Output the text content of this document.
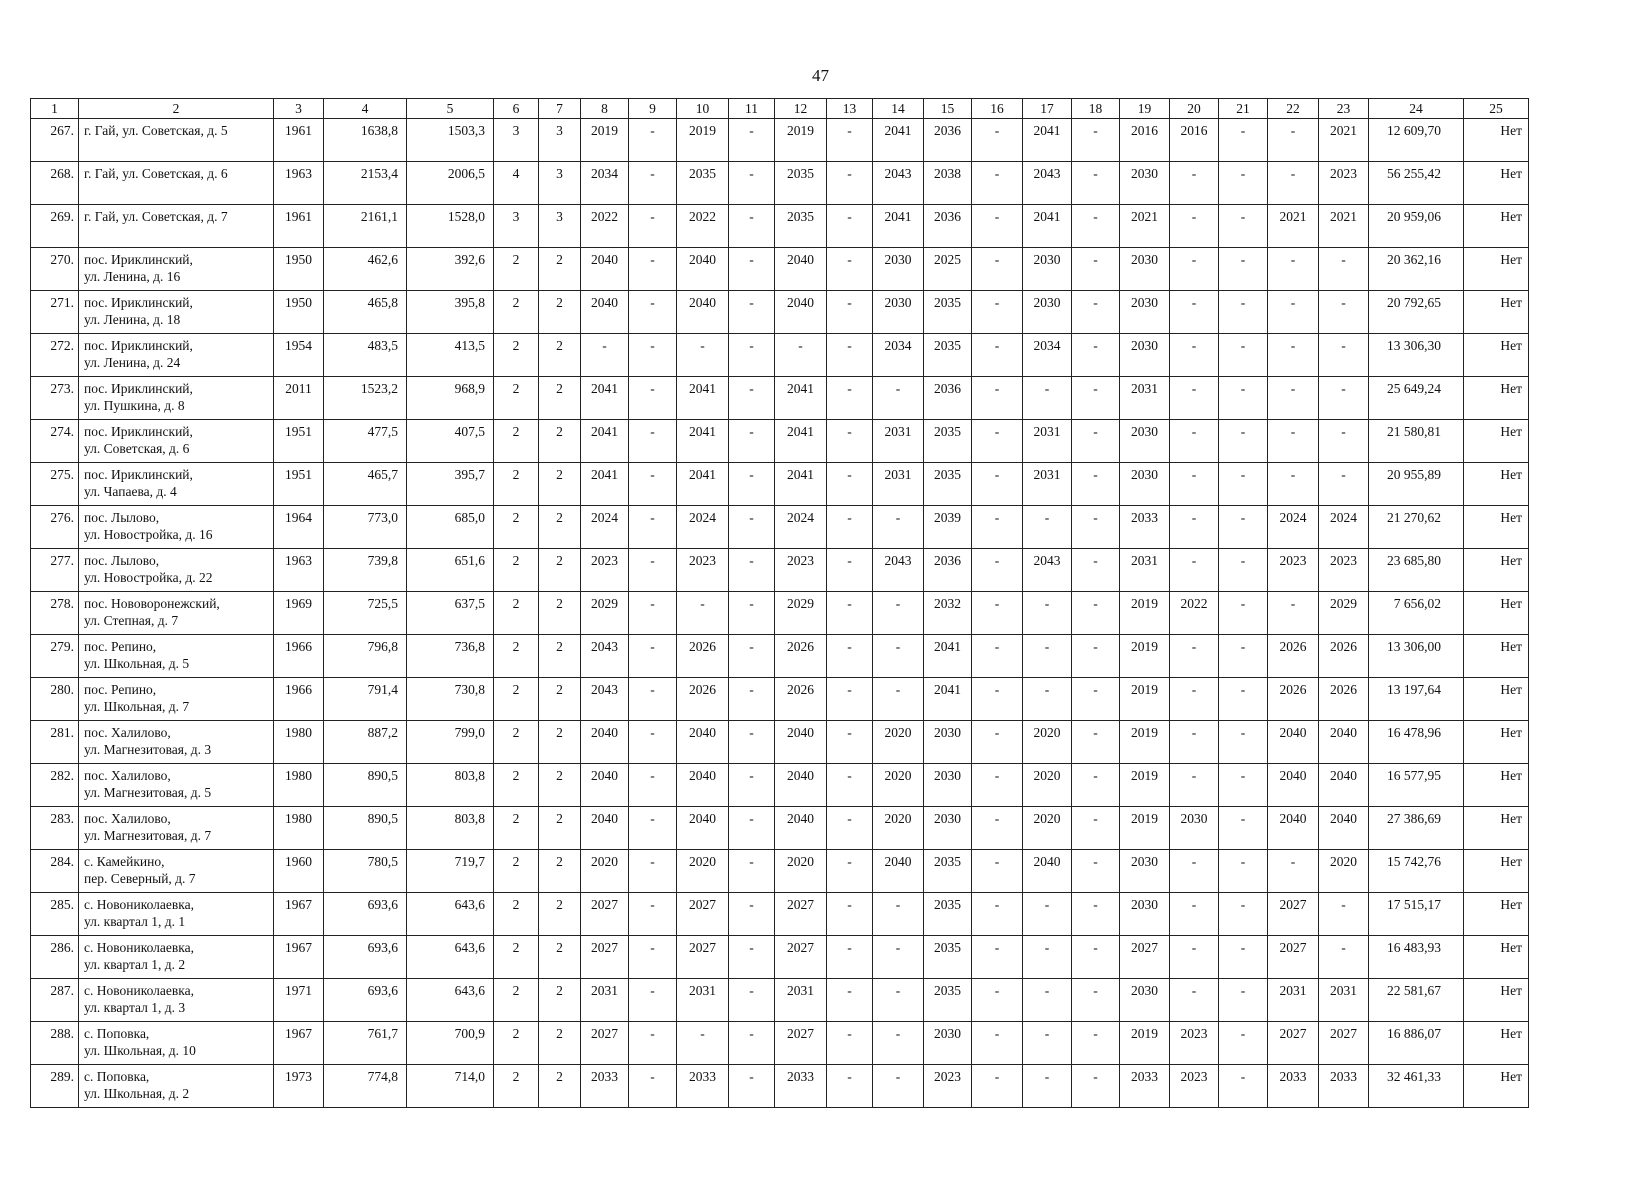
47
1	2	3	4	5	6	7	8	9	10	11	12	13	14	15	16	17	18	19	20	21	22	23	24	25
267.	г. Гай, ул. Советская, д. 5	1961	1638,8	1503,3	3	3	2019	-	2019	-	2019	-	2041	2036	-	2041	-	2016	2016	-	-	2021	12 609,70	Нет
268.	г. Гай, ул. Советская, д. 6	1963	2153,4	2006,5	4	3	2034	-	2035	-	2035	-	2043	2038	-	2043	-	2030	-	-	-	2023	56 255,42	Нет
269.	г. Гай, ул. Советская, д. 7	1961	2161,1	1528,0	3	3	2022	-	2022	-	2035	-	2041	2036	-	2041	-	2021	-	-	2021	2021	20 959,06	Нет
270.	пос. Ириклинский,
ул. Ленина, д. 16	1950	462,6	392,6	2	2	2040	-	2040	-	2040	-	2030	2025	-	2030	-	2030	-	-	-	-	20 362,16	Нет
271.	пос. Ириклинский,
ул. Ленина, д. 18	1950	465,8	395,8	2	2	2040	-	2040	-	2040	-	2030	2035	-	2030	-	2030	-	-	-	-	20 792,65	Нет
272.	пос. Ириклинский,
ул. Ленина, д. 24	1954	483,5	413,5	2	2	-	-	-	-	-	-	2034	2035	-	2034	-	2030	-	-	-	-	13 306,30	Нет
273.	пос. Ириклинский,
ул. Пушкина, д. 8	2011	1523,2	968,9	2	2	2041	-	2041	-	2041	-	-	2036	-	-	-	2031	-	-	-	-	25 649,24	Нет
274.	пос. Ириклинский,
ул. Советская, д. 6	1951	477,5	407,5	2	2	2041	-	2041	-	2041	-	2031	2035	-	2031	-	2030	-	-	-	-	21 580,81	Нет
275.	пос. Ириклинский,
ул. Чапаева, д. 4	1951	465,7	395,7	2	2	2041	-	2041	-	2041	-	2031	2035	-	2031	-	2030	-	-	-	-	20 955,89	Нет
276.	пос. Лылово,
ул. Новостройка, д. 16	1964	773,0	685,0	2	2	2024	-	2024	-	2024	-	-	2039	-	-	-	2033	-	-	2024	2024	21 270,62	Нет
277.	пос. Лылово,
ул. Новостройка, д. 22	1963	739,8	651,6	2	2	2023	-	2023	-	2023	-	2043	2036	-	2043	-	2031	-	-	2023	2023	23 685,80	Нет
278.	пос. Нововоронежский,
ул. Степная, д. 7	1969	725,5	637,5	2	2	2029	-	-	-	2029	-	-	2032	-	-	-	2019	2022	-	-	2029	7 656,02	Нет
279.	пос. Репино,
ул. Школьная, д. 5	1966	796,8	736,8	2	2	2043	-	2026	-	2026	-	-	2041	-	-	-	2019	-	-	2026	2026	13 306,00	Нет
280.	пос. Репино,
ул. Школьная, д. 7	1966	791,4	730,8	2	2	2043	-	2026	-	2026	-	-	2041	-	-	-	2019	-	-	2026	2026	13 197,64	Нет
281.	пос. Халилово,
ул. Магнезитовая, д. 3	1980	887,2	799,0	2	2	2040	-	2040	-	2040	-	2020	2030	-	2020	-	2019	-	-	2040	2040	16 478,96	Нет
282.	пос. Халилово,
ул. Магнезитовая, д. 5	1980	890,5	803,8	2	2	2040	-	2040	-	2040	-	2020	2030	-	2020	-	2019	-	-	2040	2040	16 577,95	Нет
283.	пос. Халилово,
ул. Магнезитовая, д. 7	1980	890,5	803,8	2	2	2040	-	2040	-	2040	-	2020	2030	-	2020	-	2019	2030	-	2040	2040	27 386,69	Нет
284.	с. Камейкино,
пер. Северный, д. 7	1960	780,5	719,7	2	2	2020	-	2020	-	2020	-	2040	2035	-	2040	-	2030	-	-	-	2020	15 742,76	Нет
285.	с. Новониколаевка,
ул. квартал 1, д. 1	1967	693,6	643,6	2	2	2027	-	2027	-	2027	-	-	2035	-	-	-	2030	-	-	2027	-	17 515,17	Нет
286.	с. Новониколаевка,
ул. квартал 1, д. 2	1967	693,6	643,6	2	2	2027	-	2027	-	2027	-	-	2035	-	-	-	2027	-	-	2027	-	16 483,93	Нет
287.	с. Новониколаевка,
ул. квартал 1, д. 3	1971	693,6	643,6	2	2	2031	-	2031	-	2031	-	-	2035	-	-	-	2030	-	-	2031	2031	22 581,67	Нет
288.	с. Поповка,
ул. Школьная, д. 10	1967	761,7	700,9	2	2	2027	-	-	-	2027	-	-	2030	-	-	-	2019	2023	-	2027	2027	16 886,07	Нет
289.	с. Поповка,
ул. Школьная, д. 2	1973	774,8	714,0	2	2	2033	-	2033	-	2033	-	-	2023	-	-	-	2033	2023	-	2033	2033	32 461,33	Нет
